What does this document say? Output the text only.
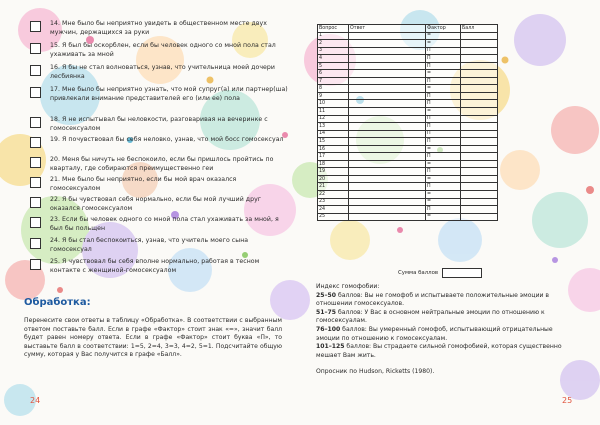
14. Мне было бы неприятно увидеть в общественном месте двух мужчин, держащихся за руки
15. Я был бы оскорблен, если бы человек одного со мной пола стал ухаживать за мной
16. Я бы не стал волноваться, узнав, что учительница моей дочери лесбиянка
17. Мне было бы неприятно узнать, что мой супруг(а) или партнер(ша) привлекали внимание представителей его (или ее) пола
18. Я не испытывал бы неловкости, разговаривая на вечеринке с гомосексуалом
19. Я почувствовал бы себя неловко, узнав, что мой босс гомосексуал
20. Меня бы ничуть не беспокоило, если бы пришлось пройтись по кварталу, где собираются преимущественно геи
21. Мне было бы неприятно, если бы мой врач оказался гомосексуалом
22. Я бы чувствовал себя нормально, если бы мой лучший друг оказался гомосексуалом
23. Если бы человек одного со мной пола стал ухаживать за мной, я был бы польщен
24. Я бы стал беспокоиться, узнав, что учитель моего сына гомосексуал
25. Я чувствовал бы себя вполне нормально, работая в тесном контакте с женщиной-гомосексуалом
Обработка:
Перенесите свои ответы в таблицу «Обработка». В соответствии с выбранным ответом поставьте балл. Если в графе «Фактор» стоит знак «=», значит балл будет равен номеру ответа. Если в графе «Фактор» стоит буква «П», то выставьте балл в соответствии: 1=5, 2=4, 3=3, 4=2, 5=1. Подсчитайте общую сумму, которая у Вас получится в графе «Балл».
24
Вопрос	Ответ	Фактор	Балл
1		=	
2		=	
3		П	
4		П	
5		П	
6		=	
7		П	
8		=	
9		П	
10		П	
11		=	
12		П	
13		П	
14		П	
15		П	
16		=	
17		П	
18		=	
19		П	
20		=	
21		П	
22		=	
23		=	
24		П	
25		=	
Сумма баллов

Индекс гомофобии:

25–50 баллов: Вы не гомофоб и испытываете положительные эмоции в отношении гомосексуалов.

51–75 баллов: У Вас в основном нейтральные эмоции по отношению к гомосексуалам.

76–100 баллов: Вы умеренный гомофоб, испытывающий отрицательные эмоции по отношению к гомосексуалам.

101–125 баллов: Вы страдаете сильной гомофобией, которая существенно мешает Вам жить.

Опросник по Hudson, Ricketts (1980).
25
